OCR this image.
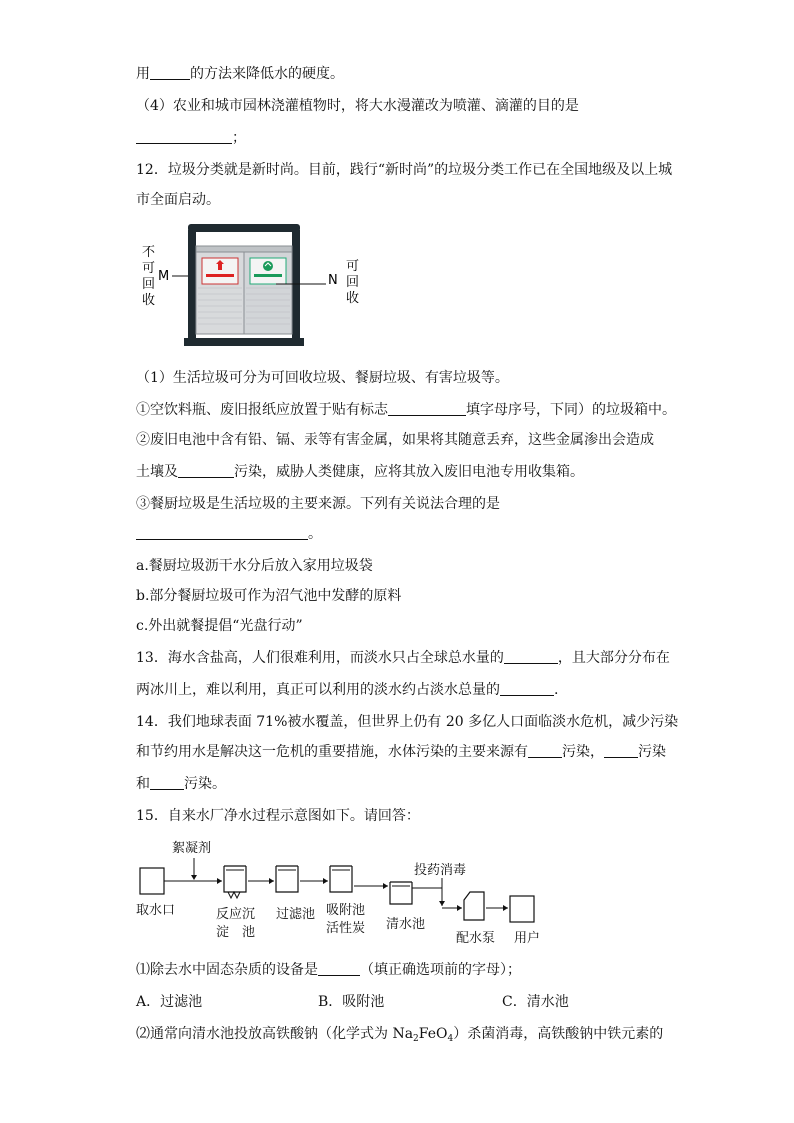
用	的方法来降低水的硬度。
（4）农业和城市园林浇灌植物时，将大水漫灌改为喷灌、滴灌的目的是
；
12．垃圾分类就是新时尚。目前，践行“新时尚”的垃圾分类工作已在全国地级及以上城
市全面启动。
不
可
回
收
M	N
可
回
收
（1）生活垃圾可分为可回收垃圾、餐厨垃圾、有害垃圾等。
①空饮料瓶、废旧报纸应放置于贴有标志	填字母序号，下同）的垃圾箱中。
②废旧电池中含有铅、镉、汞等有害金属，如果将其随意丢弃，这些金属渗出会造成
土壤及	污染，威胁人类健康，应将其放入废旧电池专用收集箱。
③餐厨垃圾是生活垃圾的主要来源。下列有关说法合理的是
。
a.餐厨垃圾沥干水分后放入家用垃圾袋
b.部分餐厨垃圾可作为沼气池中发酵的原料
c.外出就餐提倡“光盘行动”
13．海水含盐高，人们很难利用，而淡水只占全球总水量的	，且大部分分布在
两冰川上，难以利用，真正可以利用的淡水约占淡水总量的	.
14．我们地球表面 71%被水覆盖，但世界上仍有 20 多亿人口面临淡水危机，减少污染
和节约用水是解决这一危机的重要措施，水体污染的主要来源有 污染， 污染
和 污染。
15．自来水厂净水过程示意图如下。请回答：
絮凝剂
投药消毒
取水口	反应沉
淀　池
过滤池 吸附池
活性炭 清水池
配水泵 用户
⑴除去水中固态杂质的设备是	（填正确选项前的字母）；
A．过滤池	B．吸附池	C．清水池
⑵通常向清水池投放高铁酸钠（化学式为 $Na_2FeO_4$）杀菌消毒，高铁酸钠中铁元素的
